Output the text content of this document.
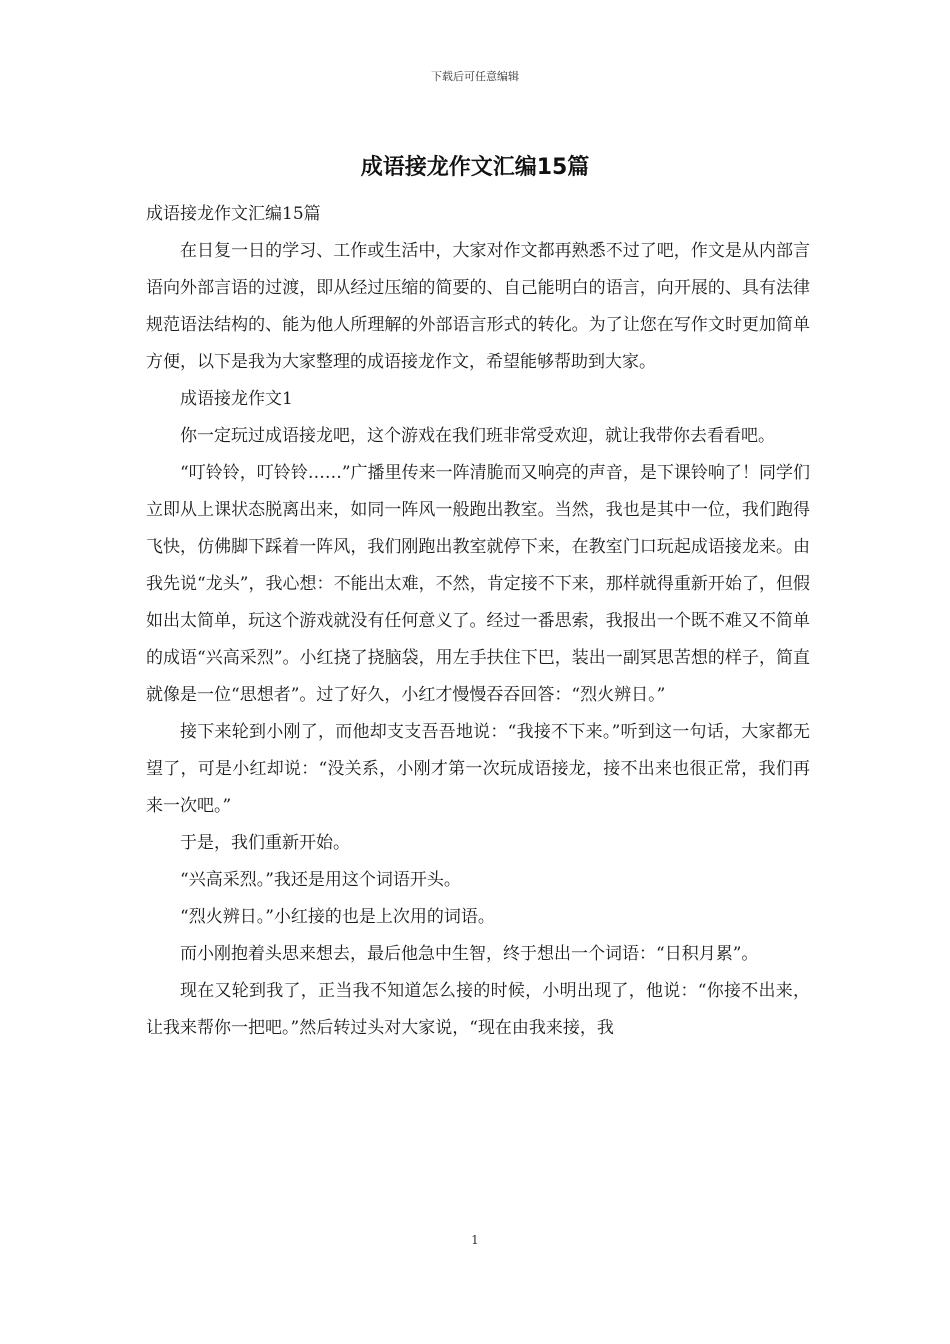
下载后可任意编辑
成语接龙作文汇编15篇

成语接龙作文汇编15篇

在日复一日的学习、工作或生活中，大家对作文都再熟悉不过了吧，作文是从内部言语向外部言语的过渡，即从经过压缩的简要的、自己能明白的语言，向开展的、具有法律规范语法结构的、能为他人所理解的外部语言形式的转化。为了让您在写作文时更加简单方便，以下是我为大家整理的成语接龙作文，希望能够帮助到大家。

成语接龙作文1

你一定玩过成语接龙吧，这个游戏在我们班非常受欢迎，就让我带你去看看吧。

“叮铃铃，叮铃铃……”广播里传来一阵清脆而又响亮的声音，是下课铃响了！同学们立即从上课状态脱离出来，如同一阵风一般跑出教室。当然，我也是其中一位，我们跑得飞快，仿佛脚下踩着一阵风，我们刚跑出教室就停下来，在教室门口玩起成语接龙来。由我先说“龙头”，我心想：不能出太难，不然，肯定接不下来，那样就得重新开始了，但假如出太简单，玩这个游戏就没有任何意义了。经过一番思索，我报出一个既不难又不简单的成语“兴高采烈”。小红挠了挠脑袋，用左手扶住下巴，装出一副冥思苦想的样子，简直就像是一位“思想者”。过了好久，小红才慢慢吞吞回答：“烈火辨日。”

接下来轮到小刚了，而他却支支吾吾地说：“我接不下来。”听到这一句话，大家都无望了，可是小红却说：“没关系，小刚才第一次玩成语接龙，接不出来也很正常，我们再来一次吧。”

于是，我们重新开始。

“兴高采烈。”我还是用这个词语开头。

“烈火辨日。”小红接的也是上次用的词语。

而小刚抱着头思来想去，最后他急中生智，终于想出一个词语：“日积月累”。

现在又轮到我了，正当我不知道怎么接的时候，小明出现了，他说：“你接不出来，让我来帮你一把吧。”然后转过头对大家说，“现在由我来接，我

1
